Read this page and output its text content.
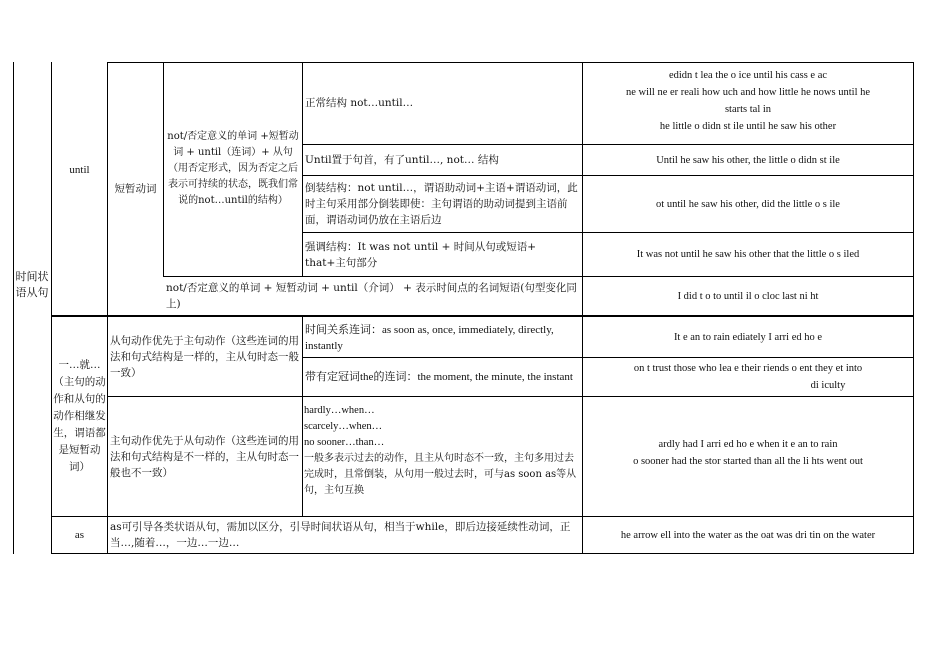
时间状语从句
until
短暂动词
not/否定意义的单词 +短暂动词 + until（连词）+ 从句（用否定形式，因为否定之后表示可持续的状态，既我们常说的not…until的结构）
正常结构 not…until…
edidn t lea the o ice until his cass e ac
ne will ne er reali how uch and how little he nows until he
starts tal in
he little o didn st ile until he saw his other
Until置于句首，有了until…, not… 结构	Until he saw his other, the little o didn st ile
倒装结构：not until…，谓语助动词+主语+谓语动词，此时主句采用部分倒装即使：主句谓语的助动词提到主语前面，谓语动词仍放在主语后边
ot until he saw his other, did the little o s ile
强调结构：It was not until + 时间从句或短语+ that+主句部分
It was not until he saw his other that the little o s iled
not/否定意义的单词 + 短暂动词 + until（介词） + 表示时间点的名词短语(句型变化同上)
I did t o to until il o cloc last ni ht
一…就…（主句的动作和从句的动作相继发生，谓语都是短暂动词）
从句动作优先于主句动作（这些连词的用法和句式结构是一样的，主从句时态一般一致）
时间关系连词：as soon as, once, immediately, directly, instantly
It e an to rain ediately I arri ed ho e
带有定冠词the的连词：the moment, the minute, the instant
on t trust those who lea e their riends o ent they et into
di iculty
主句动作优先于从句动作（这些连词的用法和句式结构是不一样的，主从句时态一般也不一致）
hardly…when…
scarcely…when…
no sooner…than…
一般多表示过去的动作，且主从句时态不一致，主句多用过去完成时，且常倒装，从句用一般过去时，可与as soon as等从句，主句互换
ardly had I arri ed ho e when it e an to rain
o sooner had the stor started than all the li hts went out
as
as可引导各类状语从句，需加以区分，引导时间状语从句，相当于while，即后边接延续性动词，正当…,随着…，一边…一边…
he arrow ell into the water as the oat was dri tin on the water
